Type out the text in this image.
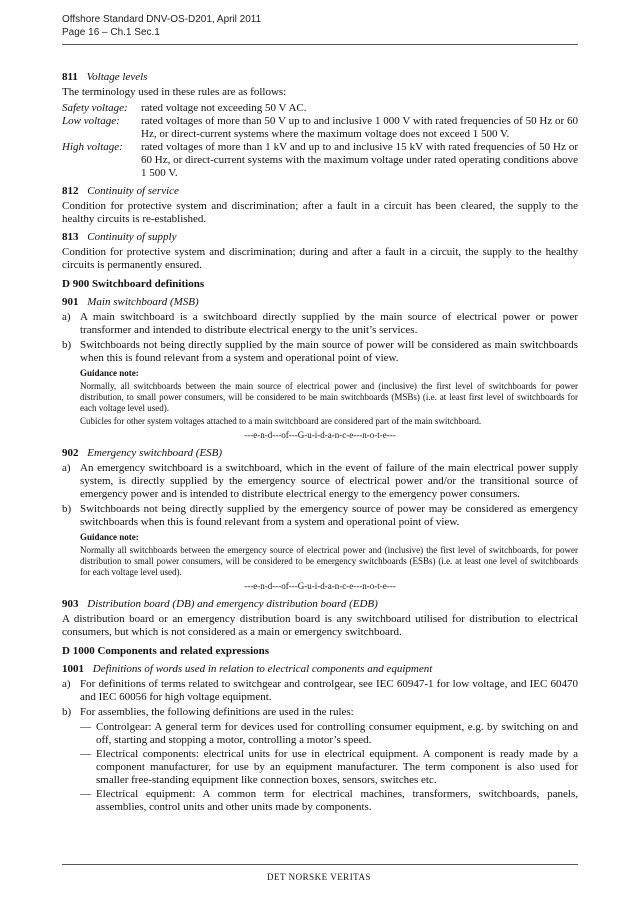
Offshore Standard DNV-OS-D201, April 2011
Page 16 – Ch.1 Sec.1
811 Voltage levels

The terminology used in these rules are as follows:

Safety voltage:	rated voltage not exceeding 50 V AC.
Low voltage:	rated voltages of more than 50 V up to and inclusive 1 000 V with rated frequencies of 50 Hz or 60 Hz, or direct-current systems where the maximum voltage does not exceed 1 500 V.
High voltage:	rated voltages of more than 1 kV and up to and inclusive 15 kV with rated frequencies of 50 Hz or 60 Hz, or direct-current systems with the maximum voltage under rated operating conditions above 1 500 V.
812 Continuity of service

Condition for protective system and discrimination; after a fault in a circuit has been cleared, the supply to the healthy circuits is re-established.

813 Continuity of supply

Condition for protective system and discrimination; during and after a fault in a circuit, the supply to the healthy circuits is permanently ensured.

D 900 Switchboard definitions
901 Main switchboard (MSB)
a) A main switchboard is a switchboard directly supplied by the main source of electrical power or power transformer and intended to distribute electrical energy to the unit’s services.
b) Switchboards not being directly supplied by the main source of power will be considered as main switchboards when this is found relevant from a system and operational point of view.
Guidance note:

Normally, all switchboards between the main source of electrical power and (inclusive) the first level of switchboards for power distribution, to small power consumers, will be considered to be main switchboards (MSBs) (i.e. at least first level of switchboards for each voltage level used).

Cubicles for other system voltages attached to a main switchboard are considered part of the main switchboard.

---e-n-d---of---G-u-i-d-a-n-c-e---n-o-t-e---
902 Emergency switchboard (ESB)
a) An emergency switchboard is a switchboard, which in the event of failure of the main electrical power supply system, is directly supplied by the emergency source of electrical power and/or the transitional source of emergency power and is intended to distribute electrical energy to the emergency power consumers.
b) Switchboards not being directly supplied by the emergency source of power may be considered as emergency switchboards when this is found relevant from a system and operational point of view.
Guidance note:

Normally all switchboards between the emergency source of electrical power and (inclusive) the first level of switchboards, for power distribution to small power consumers, will be considered to be emergency switchboards (ESBs) (i.e. at least one level of switchboards for each voltage level used).

---e-n-d---of---G-u-i-d-a-n-c-e---n-o-t-e---
903 Distribution board (DB) and emergency distribution board (EDB)

A distribution board or an emergency distribution board is any switchboard utilised for distribution to electrical consumers, but which is not considered as a main or emergency switchboard.

D 1000 Components and related expressions
1001 Definitions of words used in relation to electrical components and equipment
a) For definitions of terms related to switchgear and controlgear, see IEC 60947-1 for low voltage, and IEC 60470 and IEC 60056 for high voltage equipment.
b) For assemblies, the following definitions are used in the rules:
— Controlgear: A general term for devices used for controlling consumer equipment, e.g. by switching on and off, starting and stopping a motor, controlling a motor’s speed.
— Electrical components: electrical units for use in electrical equipment. A component is ready made by a component manufacturer, for use by an equipment manufacturer. The term component is also used for smaller free-standing equipment like connection boxes, sensors, switches etc.
— Electrical equipment: A common term for electrical machines, transformers, switchboards, panels, assemblies, control units and other units made by components.
DET NORSKE VERITAS
